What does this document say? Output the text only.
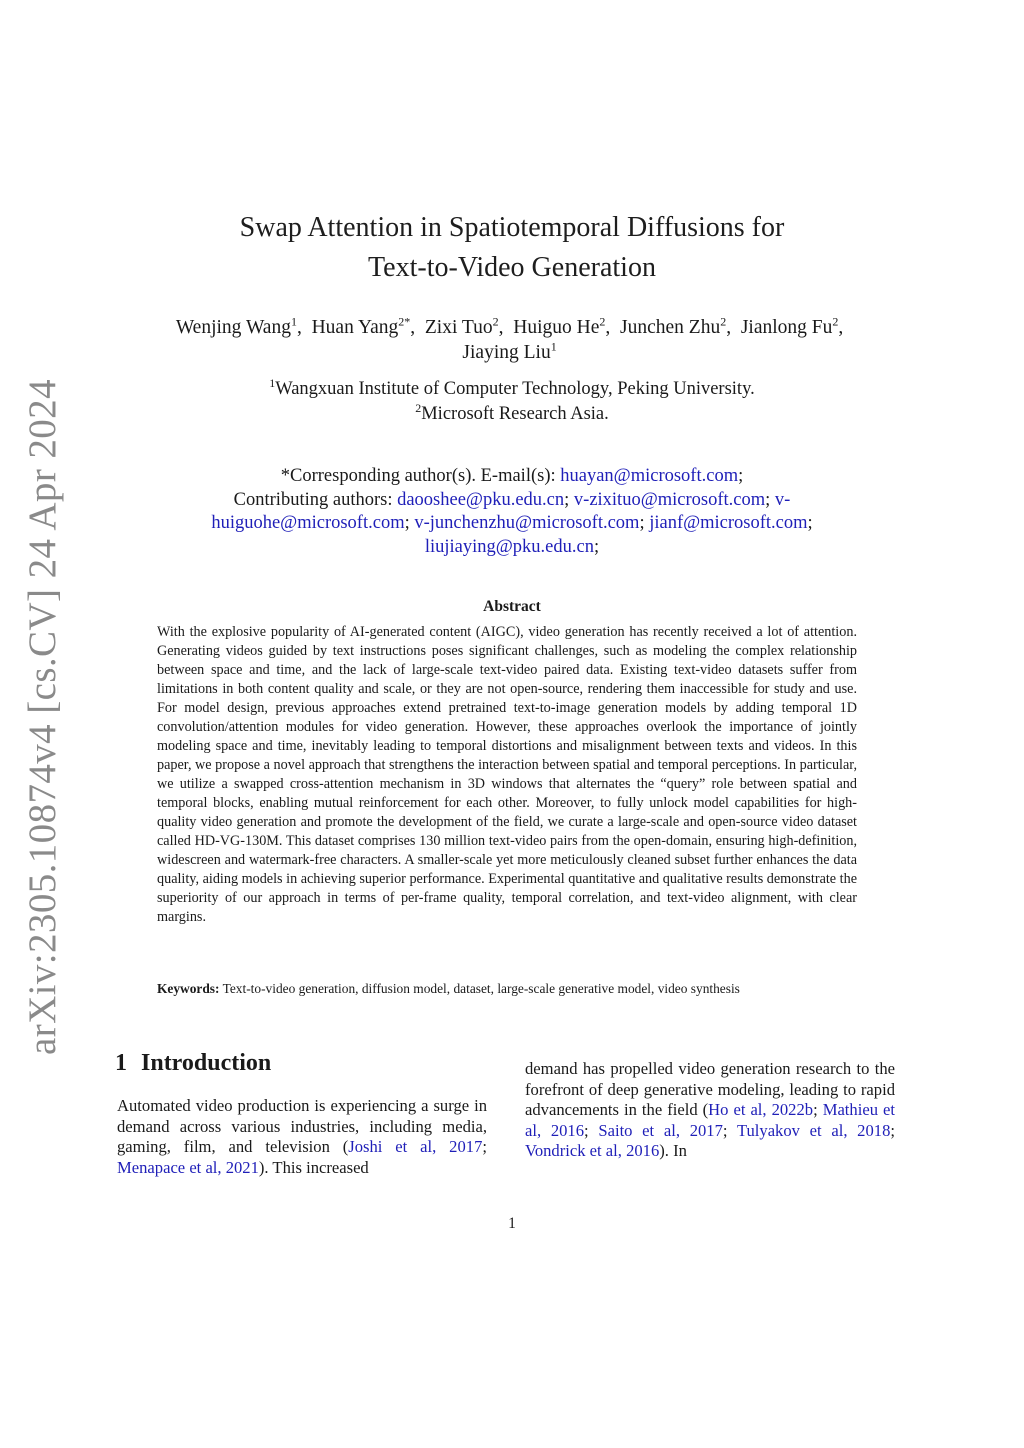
arXiv:2305.10874v4 [cs.CV] 24 Apr 2024
Swap Attention in Spatiotemporal Diffusions for
Text-to-Video Generation
Wenjing Wang$^1$, Huan Yang$^{2*}$, Zixi Tuo$^2$, Huiguo He$^2$, Junchen Zhu$^2$, Jianlong Fu$^2$,  Jiaying Liu$^1$
$^1$Wangxuan Institute of Computer Technology, Peking University.
$^2$Microsoft Research Asia.
*Corresponding author(s). E-mail(s): huayan@microsoft.com;
Contributing authors: daooshee@pku.edu.cn; v-zixituo@microsoft.com; v-huiguohe@microsoft.com; v-junchenzhu@microsoft.com; jianf@microsoft.com; liujiaying@pku.edu.cn;
Abstract
With the explosive popularity of AI-generated content (AIGC), video generation has recently received a lot of attention. Generating videos guided by text instructions poses significant challenges, such as modeling the complex relationship between space and time, and the lack of large-scale text-video paired data. Existing text-video datasets suffer from limitations in both content quality and scale, or they are not open-source, rendering them inaccessible for study and use. For model design, previous approaches extend pretrained text-to-image generation models by adding temporal 1D convolution/attention modules for video generation. However, these approaches overlook the importance of jointly modeling space and time, inevitably leading to temporal distortions and misalignment between texts and videos. In this paper, we propose a novel approach that strengthens the interaction between spatial and temporal perceptions. In particular, we utilize a swapped cross-attention mechanism in 3D windows that alternates the “query” role between spatial and temporal blocks, enabling mutual reinforcement for each other. Moreover, to fully unlock model capabilities for high-quality video generation and promote the development of the field, we curate a large-scale and open-source video dataset called HD-VG-130M. This dataset comprises 130 million text-video pairs from the open-domain, ensuring high-definition, widescreen and watermark-free characters. A smaller-scale yet more meticulously cleaned subset further enhances the data quality, aiding models in achieving superior performance. Experimental quantitative and qualitative results demonstrate the superiority of our approach in terms of per-frame quality, temporal correlation, and text-video alignment, with clear margins.
Keywords: Text-to-video generation, diffusion model, dataset, large-scale generative model, video synthesis
1 Introduction
Automated video production is experiencing a surge in demand across various industries, including media, gaming, film, and television (Joshi et al, 2017; Menapace et al, 2021). This increased
demand has propelled video generation research to the forefront of deep generative modeling, leading to rapid advancements in the field (Ho et al, 2022b; Mathieu et al, 2016; Saito et al, 2017; Tulyakov et al, 2018; Vondrick et al, 2016). In
1
